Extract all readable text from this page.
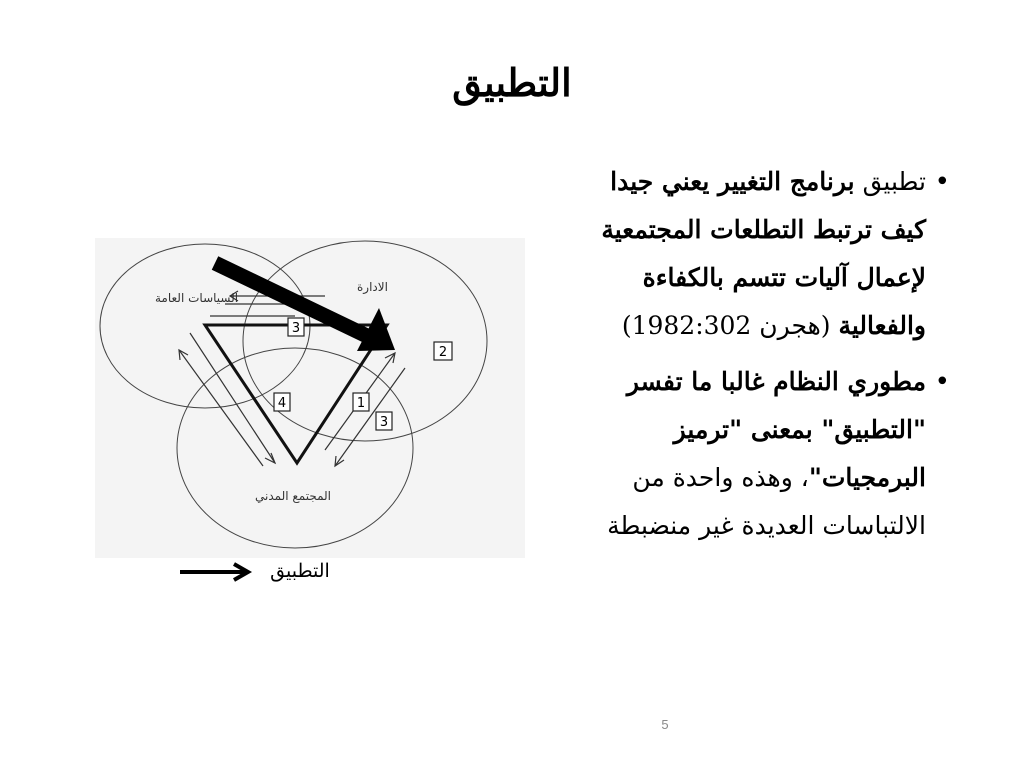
التطبيق
•
تطبيق برنامج التغيير يعني جيدا كيف ترتبط التطلعات المجتمعية لإعمال آليات تتسم بالكفاءة والفعالية (هجرن 1982:302)
•
مطوري النظام غالبا ما تفسر "التطبيق" بمعنى "ترميز البرمجيات"، وهذه واحدة من الالتباسات العديدة غير منضبطة
السياسات العامة
الادارة
المجتمع المدني
3
2
4	1
3
التطبيق
5
